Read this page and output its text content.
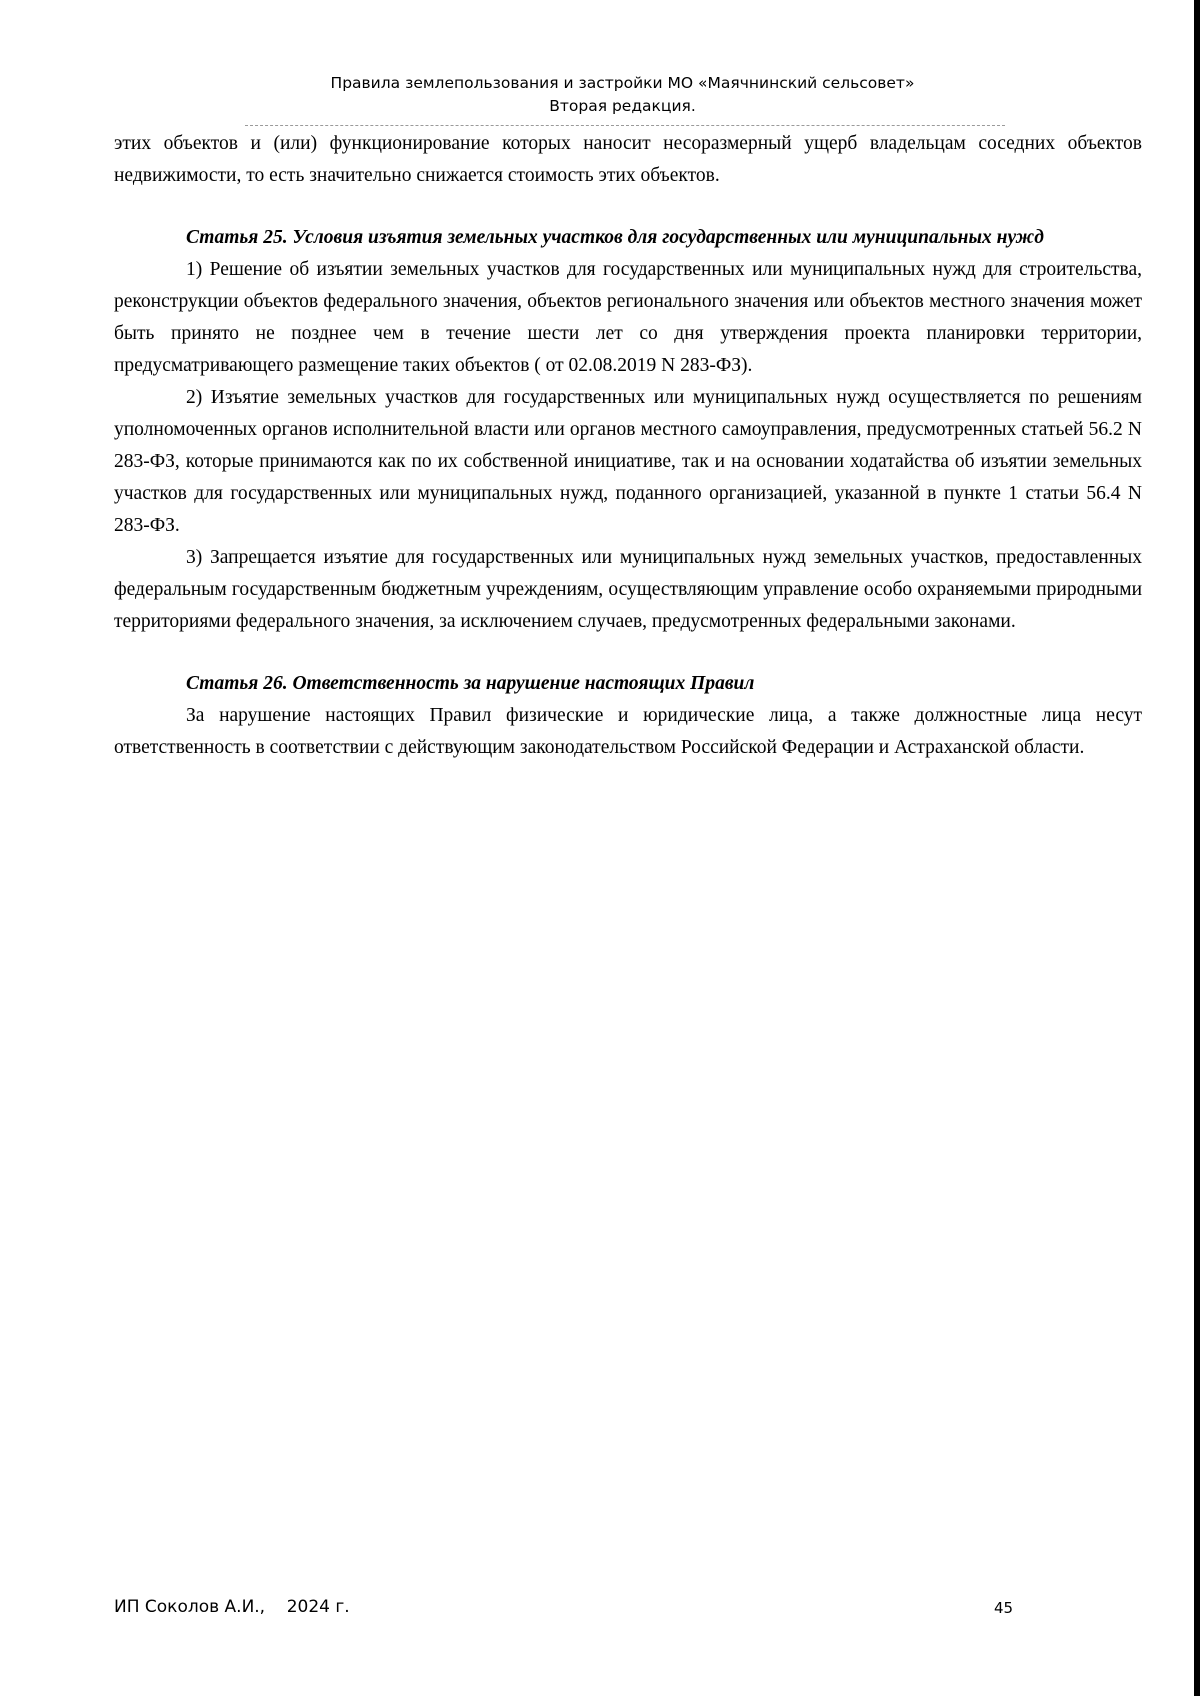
Правила землепользования и застройки МО «Маячнинский сельсовет»
Вторая редакция.

этих объектов и (или) функционирование которых наносит несоразмерный ущерб владельцам соседних объектов недвижимости, то есть значительно снижается стоимость этих объектов.

Статья 25. Условия изъятия земельных участков для государственных или муниципальных нужд

1) Решение об изъятии земельных участков для государственных или муниципальных нужд для строительства, реконструкции объектов федерального значения, объектов регионального значения или объектов местного значения может быть принято не позднее чем в течение шести лет со дня утверждения проекта планировки территории, предусматривающего размещение таких объектов ( от 02.08.2019 N 283-ФЗ).

2) Изъятие земельных участков для государственных или муниципальных нужд осуществляется по решениям уполномоченных органов исполнительной власти или органов местного самоуправления, предусмотренных статьей 56.2 N 283-ФЗ, которые принимаются как по их собственной инициативе, так и на основании ходатайства об изъятии земельных участков для государственных или муниципальных нужд, поданного организацией, указанной в пункте 1 статьи 56.4 N 283-ФЗ.

3) Запрещается изъятие для государственных или муниципальных нужд земельных участков, предоставленных федеральным государственным бюджетным учреждениям, осуществляющим управление особо охраняемыми природными территориями федерального значения, за исключением случаев, предусмотренных федеральными законами.

Статья 26. Ответственность за нарушение настоящих Правил

За нарушение настоящих Правил физические и юридические лица, а также должностные лица несут ответственность в соответствии с действующим законодательством Российской Федерации и Астраханской области.

ИП Соколов А.И.,    2024 г.	45
